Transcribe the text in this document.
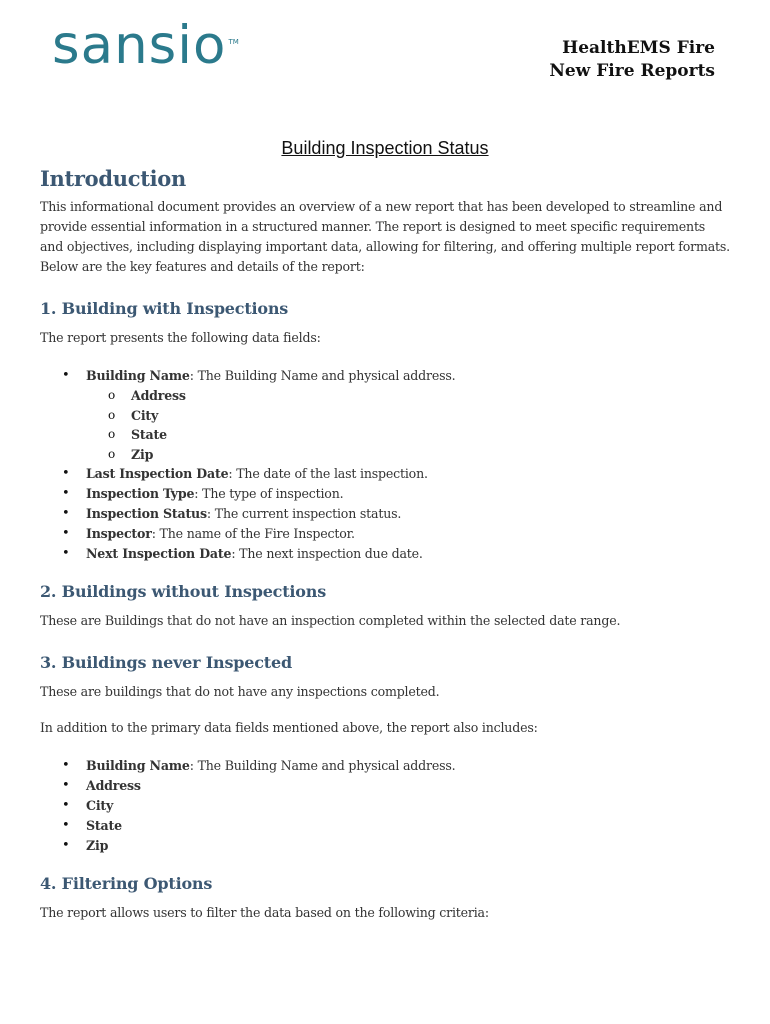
sansio TM	HealthEMS Fire
New Fire Reports
Building Inspection Status
Introduction

This informational document provides an overview of a new report that has been developed to streamline and provide essential information in a structured manner. The report is designed to meet specific requirements and objectives, including displaying important data, allowing for filtering, and offering multiple report formats. Below are the key features and details of the report:

1. Building with Inspections

The report presents the following data fields:

• Building Name: The Building Name and physical address.
o Address
o City
o State
o Zip
• Last Inspection Date: The date of the last inspection.
• Inspection Type: The type of inspection.
• Inspection Status: The current inspection status.
• Inspector: The name of the Fire Inspector.
• Next Inspection Date: The next inspection due date.
2. Buildings without Inspections

These are Buildings that do not have an inspection completed within the selected date range.

3. Buildings never Inspected

These are buildings that do not have any inspections completed.

In addition to the primary data fields mentioned above, the report also includes:

• Building Name: The Building Name and physical address.
• Address
• City
• State
• Zip
4. Filtering Options

The report allows users to filter the data based on the following criteria:
